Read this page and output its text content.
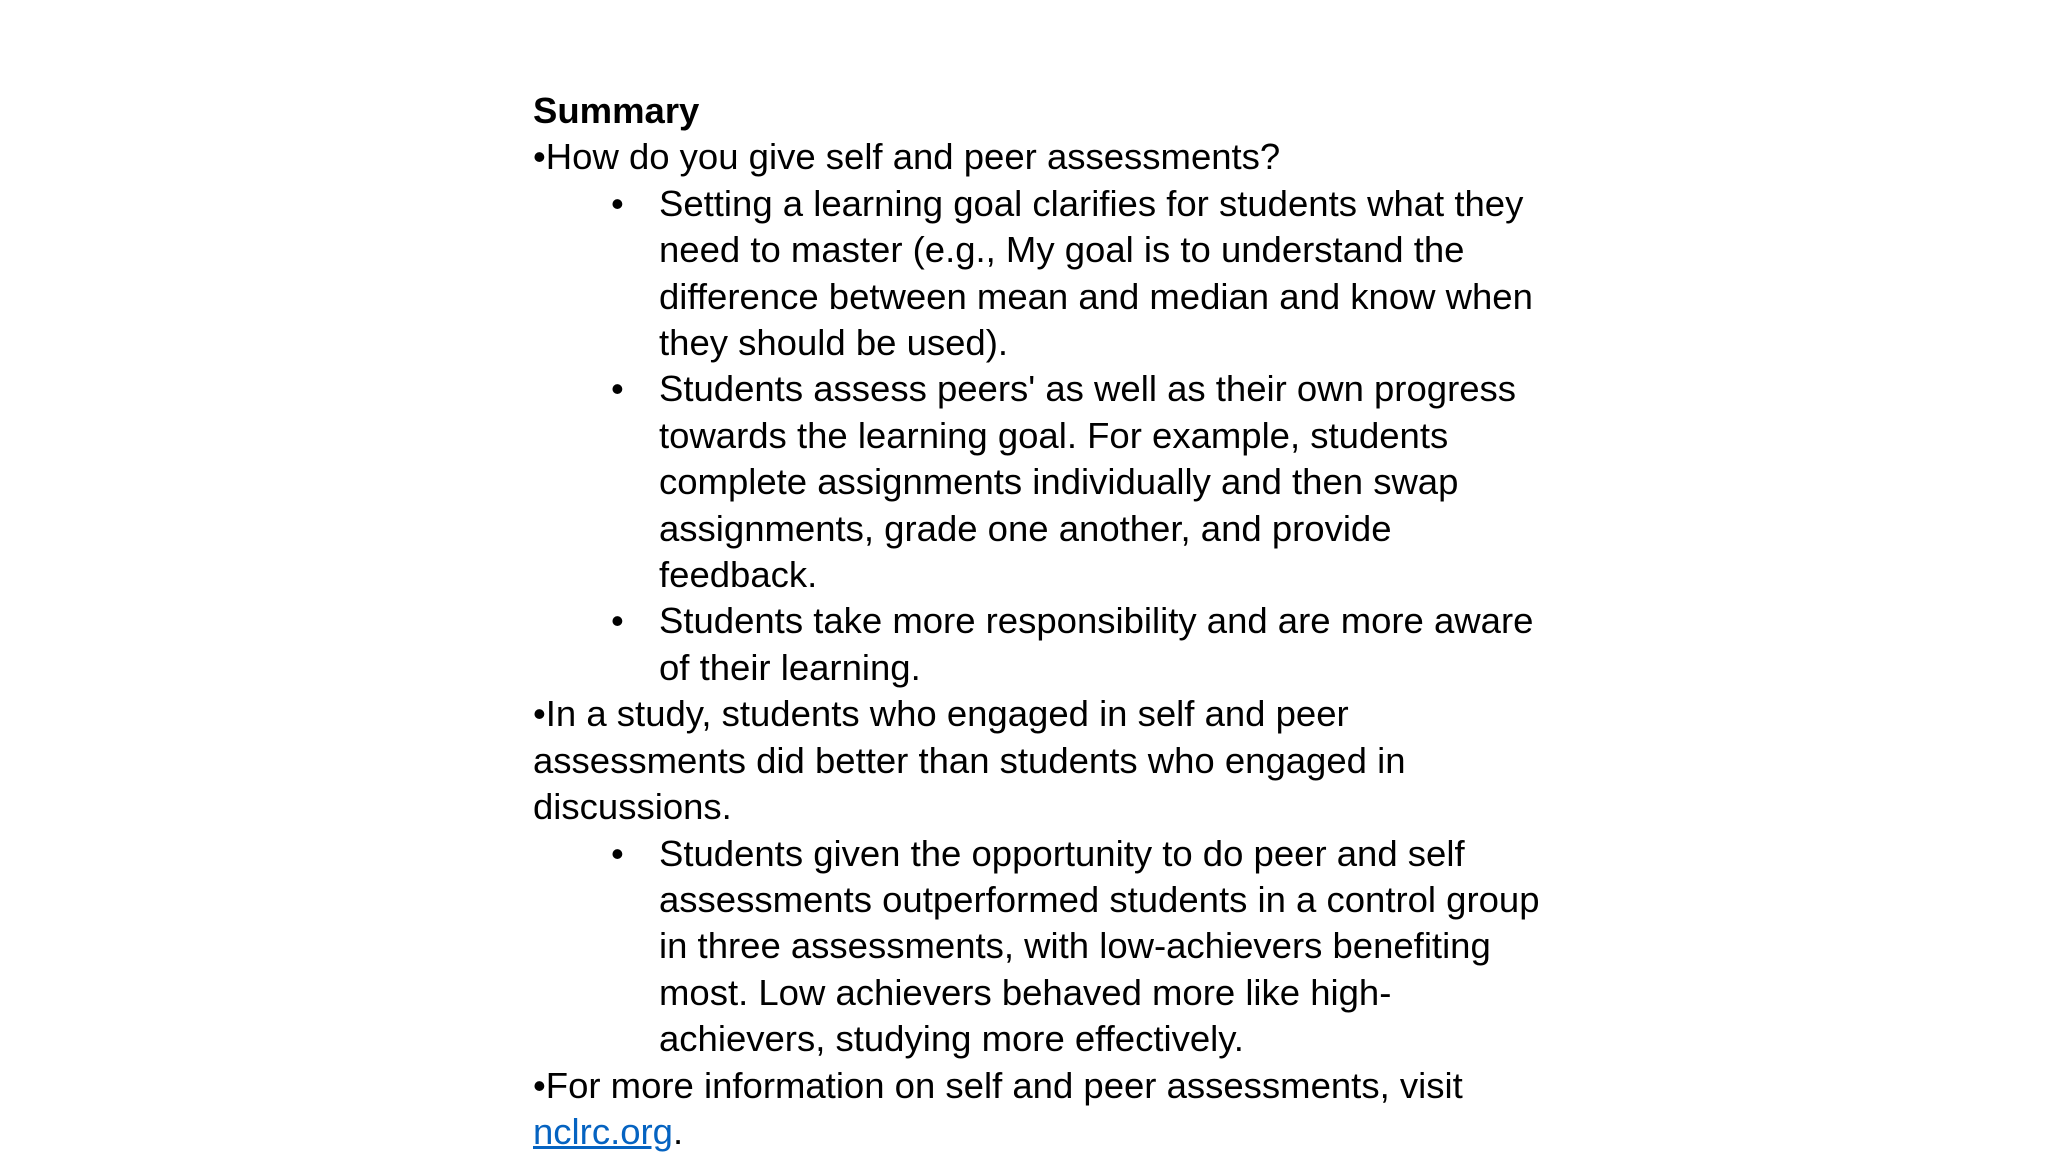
Summary

•How do you give self and peer assessments?

• Setting a learning goal clarifies for students what they need to master (e.g., My goal is to understand the difference between mean and median and know when they should be used).

• Students assess peers' as well as their own progress towards the learning goal. For example, students complete assignments individually and then swap assignments, grade one another, and provide feedback.

• Students take more responsibility and are more aware of their learning.

•In a study, students who engaged in self and peer assessments did better than students who engaged in discussions.

• Students given the opportunity to do peer and self assessments outperformed students in a control group in three assessments, with low-achievers benefiting most. Low achievers behaved more like high-achievers, studying more effectively.

•For more information on self and peer assessments, visit nclrc.org.
